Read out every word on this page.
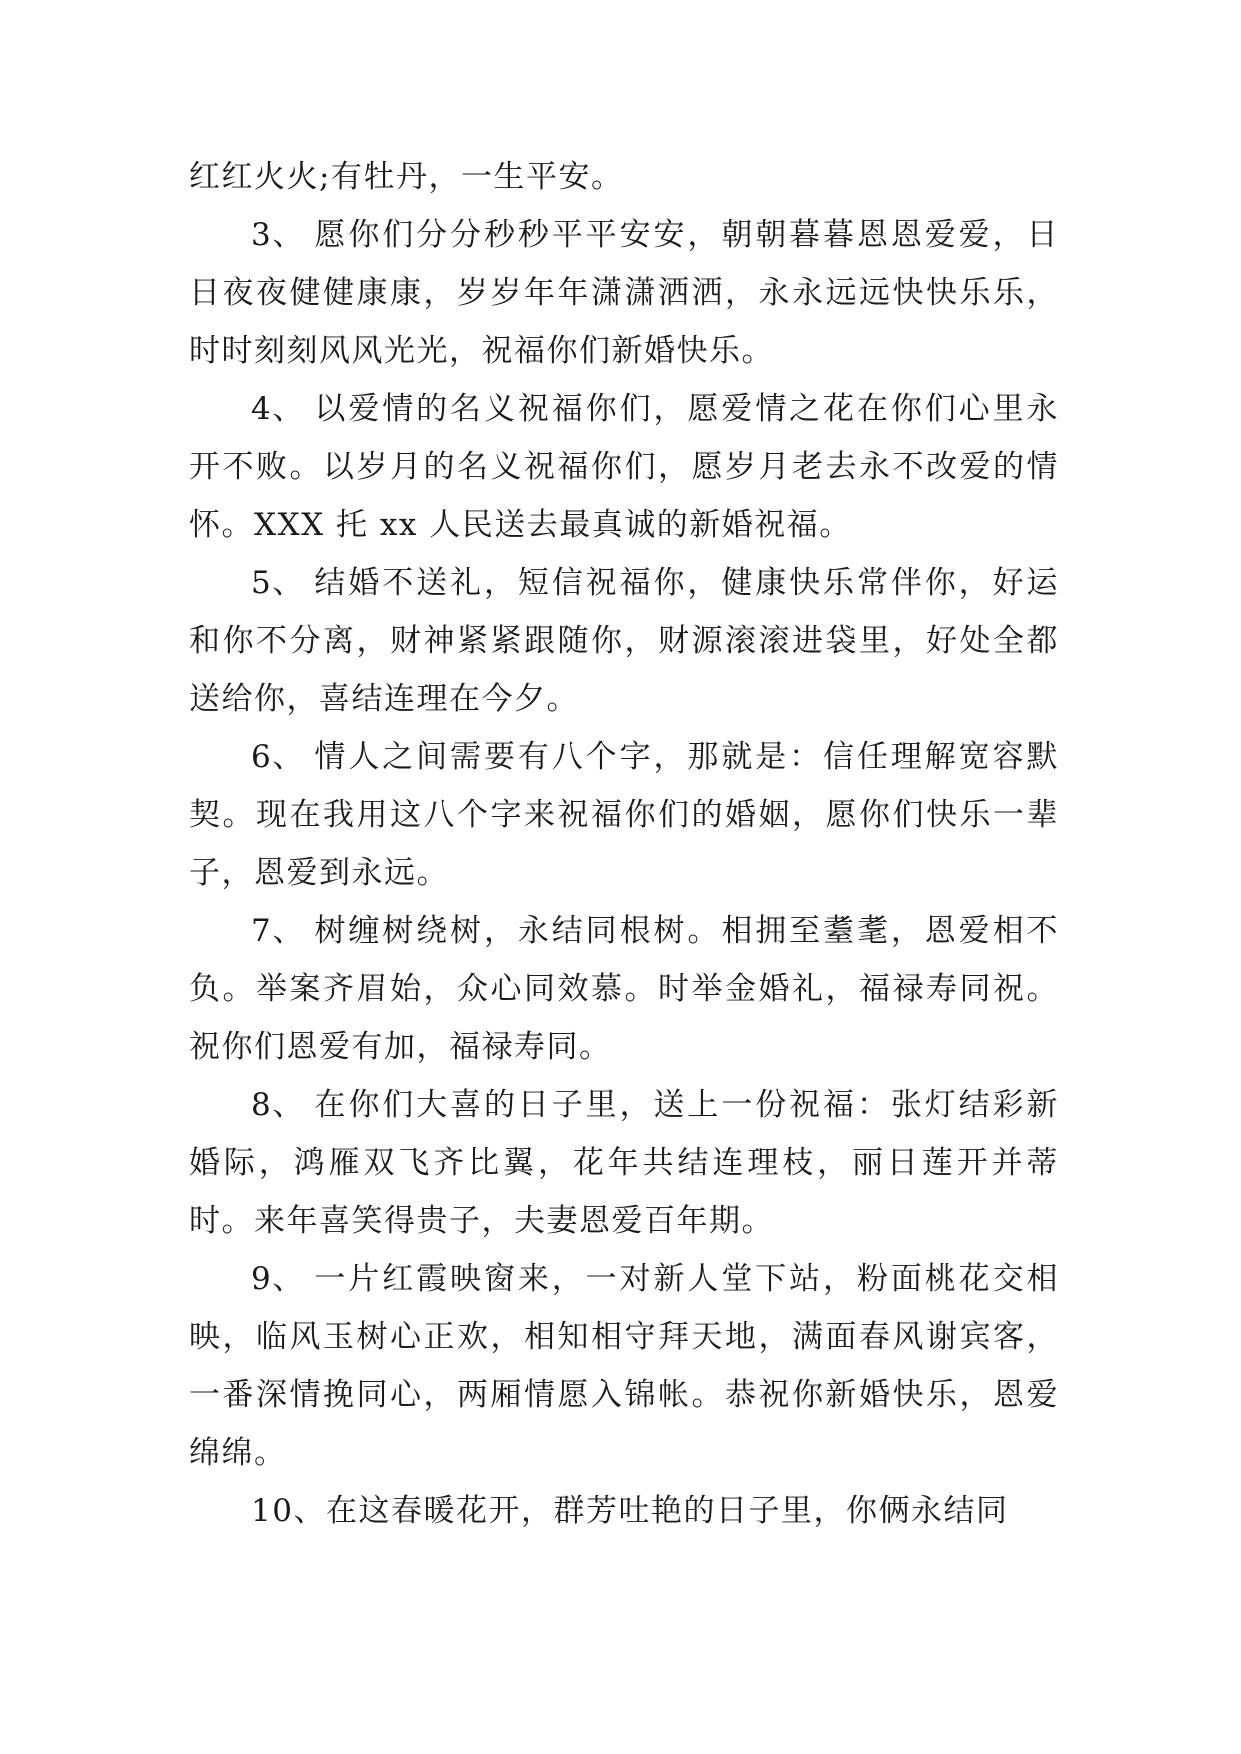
红红火火;有牡丹，一生平安。

3、 愿你们分分秒秒平平安安，朝朝暮暮恩恩爱爱，日日夜夜健健康康，岁岁年年潇潇洒洒，永永远远快快乐乐，时时刻刻风风光光，祝福你们新婚快乐。

4、 以爱情的名义祝福你们，愿爱情之花在你们心里永开不败。以岁月的名义祝福你们，愿岁月老去永不改爱的情怀。XXX 托 xx 人民送去最真诚的新婚祝福。

5、 结婚不送礼，短信祝福你，健康快乐常伴你，好运和你不分离，财神紧紧跟随你，财源滚滚进袋里，好处全都送给你，喜结连理在今夕。

6、 情人之间需要有八个字，那就是：信任理解宽容默契。现在我用这八个字来祝福你们的婚姻，愿你们快乐一辈子，恩爱到永远。

7、 树缠树绕树，永结同根树。相拥至耋耄，恩爱相不负。举案齐眉始，众心同效慕。时举金婚礼，福禄寿同祝。祝你们恩爱有加，福禄寿同。

8、 在你们大喜的日子里，送上一份祝福：张灯结彩新婚际，鸿雁双飞齐比翼，花年共结连理枝，丽日莲开并蒂时。来年喜笑得贵子，夫妻恩爱百年期。

9、 一片红霞映窗来，一对新人堂下站，粉面桃花交相映，临风玉树心正欢，相知相守拜天地，满面春风谢宾客，一番深情挽同心，两厢情愿入锦帐。恭祝你新婚快乐，恩爱绵绵。

10、在这春暖花开，群芳吐艳的日子里，你俩永结同
